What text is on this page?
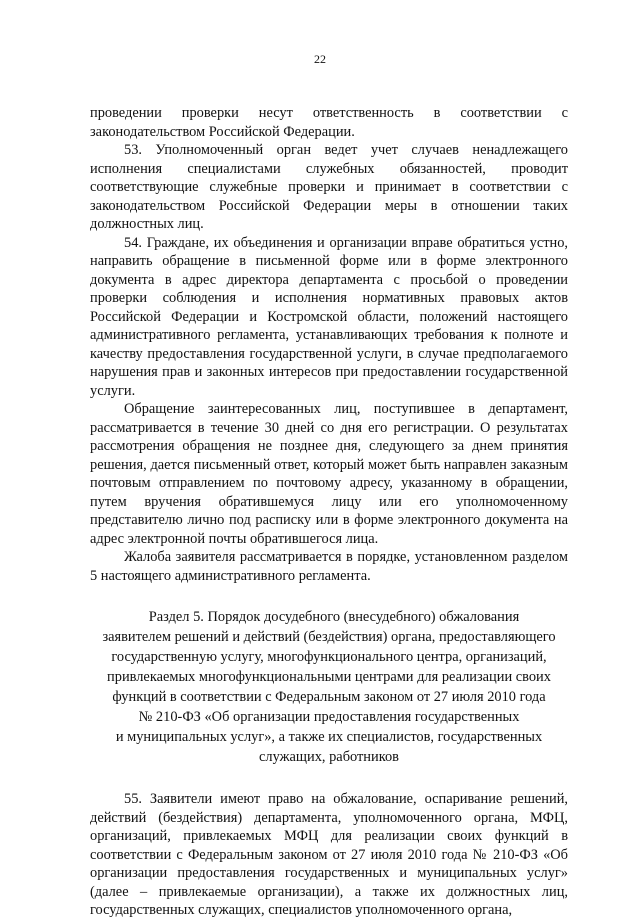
22

проведении проверки несут ответственность в соответствии с законодательством Российской Федерации.

53. Уполномоченный орган ведет учет случаев ненадлежащего исполнения специалистами служебных обязанностей, проводит соответствующие служебные проверки и принимает в соответствии с законодательством Российской Федерации меры в отношении таких должностных лиц.

54. Граждане, их объединения и организации вправе обратиться устно, направить обращение в письменной форме или в форме электронного документа в адрес директора департамента с просьбой о проведении проверки соблюдения и исполнения нормативных правовых актов Российской Федерации и Костромской области, положений настоящего административного регламента, устанавливающих требования к полноте и качеству предоставления государственной услуги, в случае предполагаемого нарушения прав и законных интересов при предоставлении государственной услуги.

Обращение заинтересованных лиц, поступившее в департамент, рассматривается в течение 30 дней со дня его регистрации. О результатах рассмотрения обращения не позднее дня, следующего за днем принятия решения, дается письменный ответ, который может быть направлен заказным почтовым отправлением по почтовому адресу, указанному в обращении, путем вручения обратившемуся лицу или его уполномоченному представителю лично под расписку или в форме электронного документа на адрес электронной почты обратившегося лица.

Жалоба заявителя рассматривается в порядке, установленном разделом 5 настоящего административного регламента.

Раздел 5. Порядок досудебного (внесудебного) обжалования
заявителем решений и действий (бездействия) органа, предоставляющего
государственную услугу, многофункционального центра, организаций,
привлекаемых многофункциональными центрами для реализации своих
функций в соответствии с Федеральным законом от 27 июля 2010 года
№ 210-ФЗ «Об организации предоставления государственных
и муниципальных услуг», а также их специалистов, государственных
служащих, работников

55. Заявители имеют право на обжалование, оспаривание решений, действий (бездействия) департамента, уполномоченного органа, МФЦ, организаций, привлекаемых МФЦ для реализации своих функций в соответствии с Федеральным законом от 27 июля 2010 года № 210-ФЗ «Об организации предоставления государственных и муниципальных услуг» (далее – привлекаемые организации), а также их должностных лиц, государственных служащих, специалистов уполномоченного органа,
